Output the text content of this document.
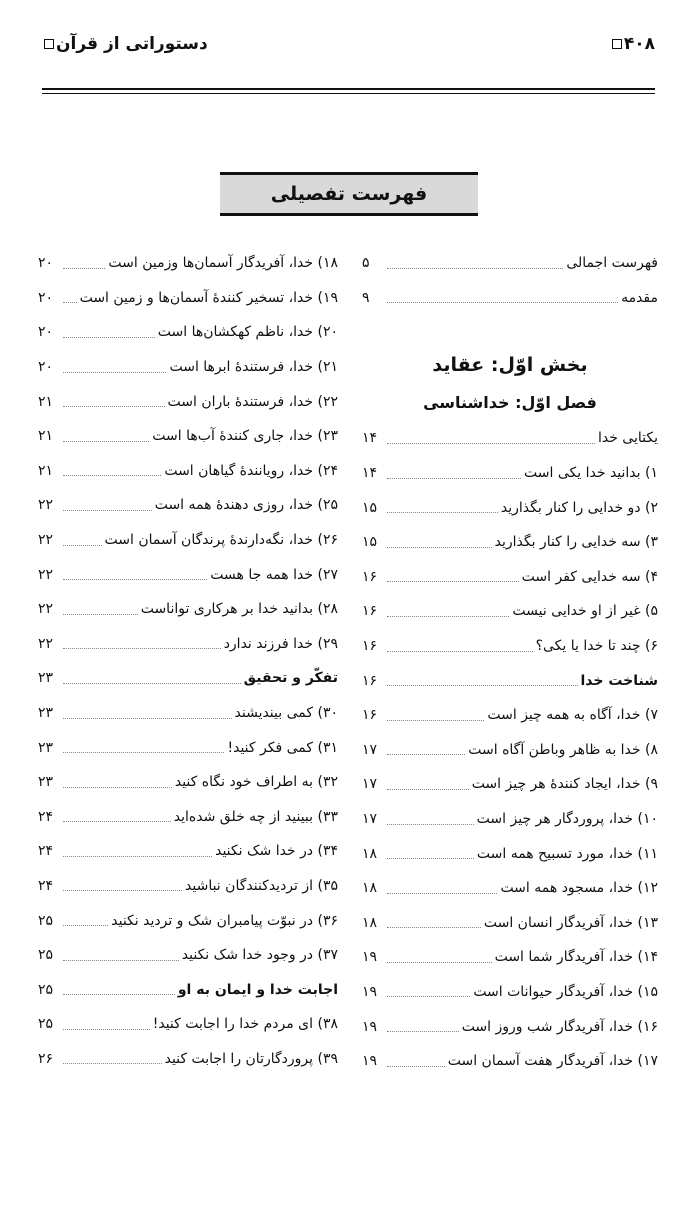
۴۰۸
دستوراتی از قرآن
فهرست تفصیلی
فهرست اجمالی
۵
مقدمه
۹
بخش اوّل: عقاید
فصل اوّل: خداشناسی
یکتایی خدا
۱۴
۱) بدانید خدا یکی است
۱۴
۲) دو خدایی را کنار بگذارید
۱۵
۳) سه خدایی را کنار بگذارید
۱۵
۴) سه خدایی کفر است
۱۶
۵) غیر از او خدایی نیست
۱۶
۶) چند تا خدا یا یکی؟
۱۶
شناخت خدا
۱۶
۷) خدا، آگاه به همه چیز است
۱۶
۸) خدا به ظاهر وباطن آگاه است
۱۷
۹) خدا، ایجاد کنندهٔ هر چیز است
۱۷
۱۰) خدا، پروردگار هر چیز است
۱۷
۱۱) خدا، مورد تسبیح همه است
۱۸
۱۲) خدا، مسجود همه است
۱۸
۱۳) خدا، آفریدگار انسان است
۱۸
۱۴) خدا، آفریدگار شما است
۱۹
۱۵) خدا، آفریدگار حیوانات است
۱۹
۱۶) خدا، آفریدگار شب وروز است
۱۹
۱۷) خدا، آفریدگار هفت آسمان است
۱۹
۱۸) خدا، آفریدگار آسمان‌ها وزمین است
۲۰
۱۹) خدا، تسخیر کنندهٔ آسمان‌ها و زمین است
۲۰
۲۰) خدا، ناظم کهکشان‌ها است
۲۰
۲۱) خدا، فرستندهٔ ابرها است
۲۰
۲۲) خدا، فرستندهٔ باران است
۲۱
۲۳) خدا، جاری کنندهٔ آب‌ها است
۲۱
۲۴) خدا، رویانندهٔ گیاهان است
۲۱
۲۵) خدا، روزی دهندهٔ همه است
۲۲
۲۶) خدا، نگه‌دارندهٔ پرندگان آسمان است
۲۲
۲۷) خدا همه جا هست
۲۲
۲۸) بدانید خدا بر هرکاری تواناست
۲۲
۲۹) خدا فرزند ندارد
۲۲
تفکّر و تحقیق
۲۳
۳۰) کمی بیندیشند
۲۳
۳۱) کمی فکر کنید!
۲۳
۳۲) به اطراف خود نگاه کنید
۲۳
۳۳) ببینید از چه خلق شده‌اید
۲۴
۳۴) در خدا شک نکنید
۲۴
۳۵) از تردیدکنندگان نباشید
۲۴
۳۶) در نبوّت پیامبران شک و تردید نکنید
۲۵
۳۷) در وجود خدا شک نکنید
۲۵
اجابت خدا و ایمان به او
۲۵
۳۸) ای مردم خدا را اجابت کنید!
۲۵
۳۹) پروردگارتان را اجابت کنید
۲۶
